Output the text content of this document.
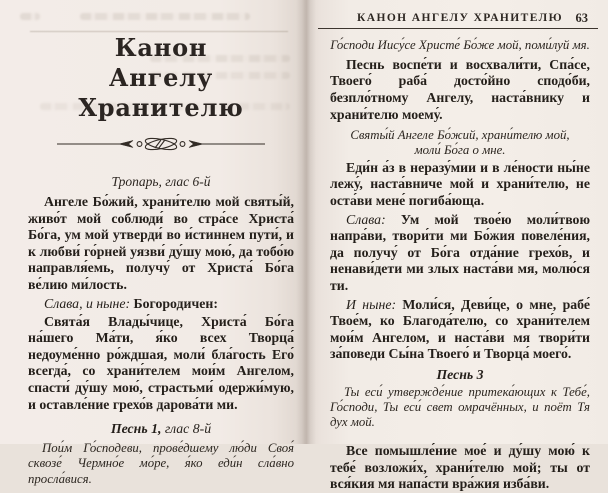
Канон
Ангелу Хранителю
Тропарь, глас 6-й

Ангеле Бо́жий, храни́телю мой святы́й, живо́т мой соблюди́ во стра́се Христа́ Бо́га, ум мой утверди́ во и́стиннем пути́, и к любви́ го́рней уязви́ ду́шу мою́, да тобо́ю направля́емь, получу́ от Христа́ Бо́га ве́лию ми́лость.

Слава, и ныне: Богородичен:

Свята́я Влады́чице, Христа́ Бо́га на́шего Ма́ти, я́ко всех Творца́ недоуме́нно ро́ждшая, моли́ бла́гость Его́ всегда́, со храни́телем мои́м Ангелом, спасти́ ду́шу мою́, страстьми́ одержи́мую, и оставле́ние грехо́в дарова́ти ми.

Песнь 1, глас 8-й

Пои́м Го́сподеви, прове́дшему лю́ди Своя́ сквозе́ Чермно́е мо́ре, я́ко еди́н сла́вно просла́вися.

КАНОН АНГЕЛУ ХРАНИТЕЛЮ 63
Го́споди Иису́се Христе́ Бо́же мой, поми́луй мя.

Песнь воспе́ти и восхвали́ти, Спа́се, Твоего́ раба́ досто́йно сподо́би, безпло́тному Ангелу, наста́внику и храни́телю моему́.

Святы́й Ангеле Бо́жий, храни́телю мой,
моли́ Бо́га о мне.

Еди́н а́з в неразу́мии и в ле́ности ны́не лежу́, наста́вниче мой и храни́телю, не оста́ви мене́ погиба́юща.

Слава: Ум мой твое́ю моли́твою напра́ви, твори́ти ми Бо́жия повеле́ния, да получу́ от Бо́га отда́ние грехо́в, и ненави́дети ми злых наста́ви мя, молю́ся ти.

И ныне: Моли́ся, Деви́це, о мне, рабе́ Твое́м, ко Благода́телю, со храни́телем мои́м Ангелом, и наста́ви мя твори́ти за́поведи Сы́на Твоего́ и Творца́ моего́.

Песнь 3

Ты еси́ утвержде́ние притека́ющих к Тебе́, Го́споди, Ты еси́ свет омрачённых, и поёт Тя дух мой.

Все помышле́ние мое́ и ду́шу мою́ к тебе́ возложи́х, храни́телю мой; ты от вся́кия мя напа́сти вра́жия изба́ви.
